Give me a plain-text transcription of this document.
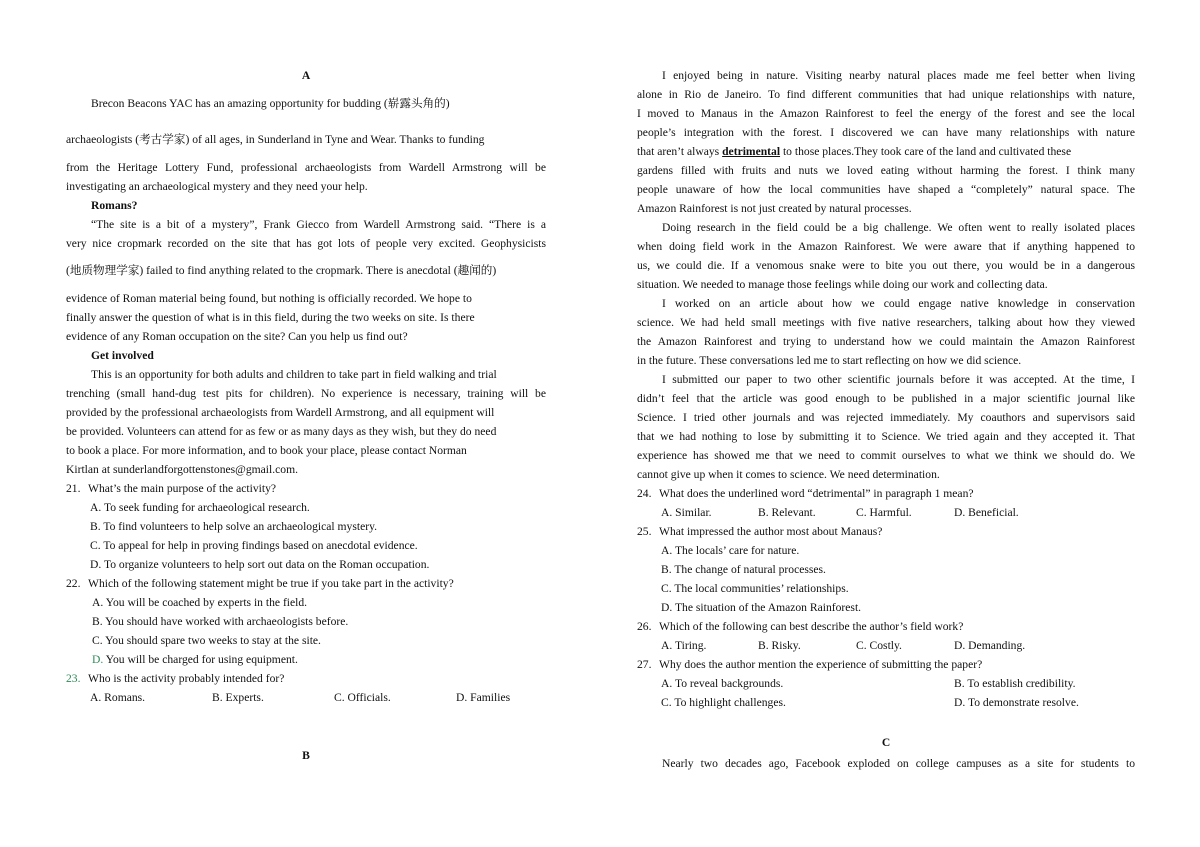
A
Brecon Beacons YAC has an amazing opportunity for budding (崭露头角的)
archaeologists (考古学家) of all ages, in Sunderland in Tyne and Wear. Thanks to funding
from the Heritage Lottery Fund, professional archaeologists from Wardell Armstrong will be
investigating an archaeological mystery and they need your help.
Romans?
“The site is a bit of a mystery”, Frank Giecco from Wardell Armstrong said. “There is a
very nice cropmark recorded on the site that has got lots of people very excited. Geophysicists
(地质物理学家) failed to find anything related to the cropmark. There is anecdotal (趣闻的)
evidence of Roman material being found, but nothing is officially recorded. We hope to
finally answer the question of what is in this field, during the two weeks on site. Is there
evidence of any Roman occupation on the site? Can you help us find out?
Get involved
This is an opportunity for both adults and children to take part in field walking and trial
trenching (small hand-dug test pits for children). No experience is necessary, training will be
provided by the professional archaeologists from Wardell Armstrong, and all equipment will
be provided. Volunteers can attend for as few or as many days as they wish, but they do need
to book a place. For more information, and to book your place, please contact Norman
Kirtlan at sunderlandforgottenstones@gmail.com.
21. What’s the main purpose of the activity?
A. To seek funding for archaeological research.
B. To find volunteers to help solve an archaeological mystery.
C. To appeal for help in proving findings based on anecdotal evidence.
D. To organize volunteers to help sort out data on the Roman occupation.
22. Which of the following statement might be true if you take part in the activity?
A. You will be coached by experts in the field.
B. You should have worked with archaeologists before.
C. You should spare two weeks to stay at the site.
D. You will be charged for using equipment.
23. Who is the activity probably intended for?
A. Romans.	B. Experts.	C. Officials.	D. Families
B
I enjoyed being in nature. Visiting nearby natural places made me feel better when living
alone in Rio de Janeiro. To find different communities that had unique relationships with nature,
I moved to Manaus in the Amazon Rainforest to feel the energy of the forest and see the local
people’s integration with the forest. I discovered we can have many relationships with nature
that aren’t always detrimental to those places.They took care of the land and cultivated these
gardens filled with fruits and nuts we loved eating without harming the forest. I think many
people unaware of how the local communities have shaped a “completely” natural space. The
Amazon Rainforest is not just created by natural processes.
Doing research in the field could be a big challenge. We often went to really isolated places
when doing field work in the Amazon Rainforest. We were aware that if anything happened to
us, we could die. If a venomous snake were to bite you out there, you would be in a dangerous
situation. We needed to manage those feelings while doing our work and collecting data.
I worked on an article about how we could engage native knowledge in conservation
science. We had held small meetings with five native researchers, talking about how they viewed
the Amazon Rainforest and trying to understand how we could maintain the Amazon Rainforest
in the future. These conversations led me to start reflecting on how we did science.
I submitted our paper to two other scientific journals before it was accepted. At the time, I
didn’t feel that the article was good enough to be published in a major scientific journal like
Science. I tried other journals and was rejected immediately. My coauthors and supervisors said
that we had nothing to lose by submitting it to Science. We tried again and they accepted it. That
experience has showed me that we need to commit ourselves to what we think we should do. We
cannot give up when it comes to science. We need determination.
24. What does the underlined word “detrimental” in paragraph 1 mean?
A. Similar.	B. Relevant.	C. Harmful.	D. Beneficial.
25. What impressed the author most about Manaus?
A. The locals’ care for nature.
B. The change of natural processes.
C. The local communities’ relationships.
D. The situation of the Amazon Rainforest.
26. Which of the following can best describe the author’s field work?
A. Tiring.	B. Risky.	C. Costly.	D. Demanding.
27. Why does the author mention the experience of submitting the paper?
A. To reveal backgrounds.	B. To establish credibility.
C. To highlight challenges.	D. To demonstrate resolve.
C
Nearly two decades ago, Facebook exploded on college campuses as a site for students to
